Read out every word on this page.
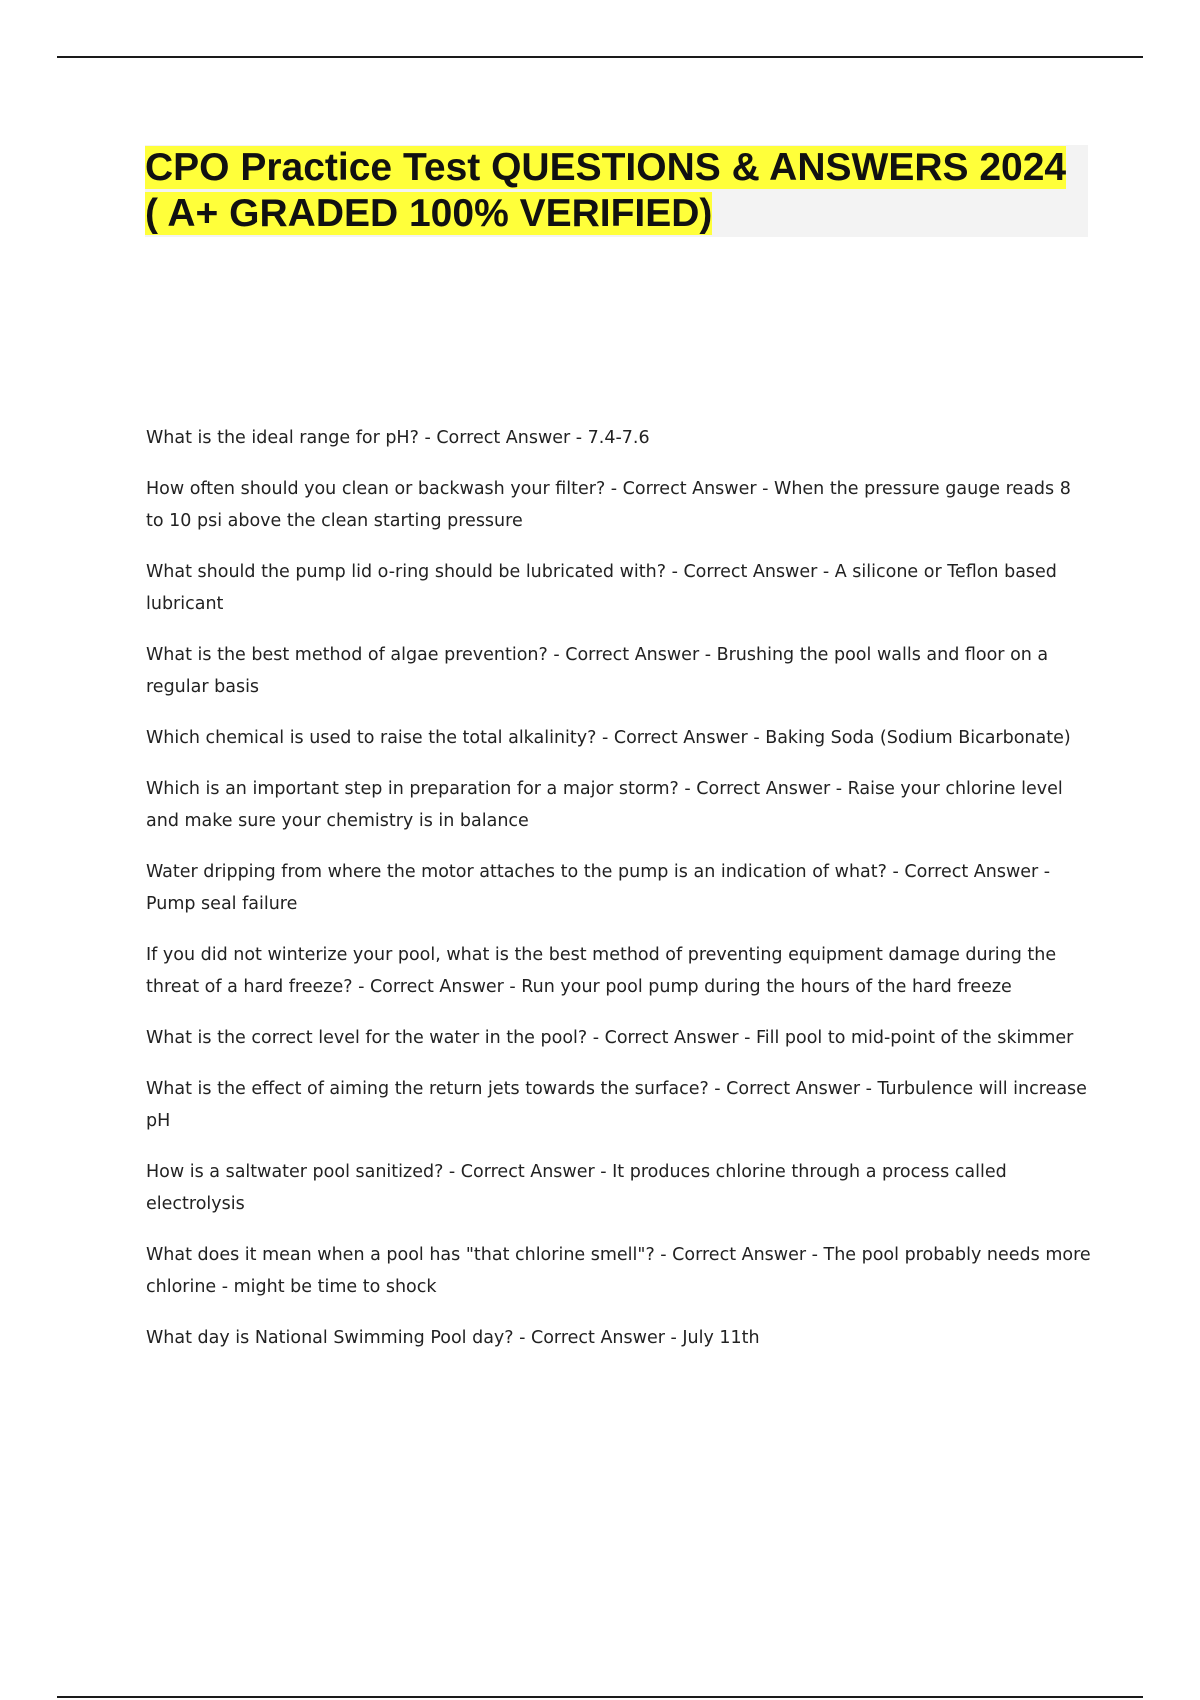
CPO Practice Test QUESTIONS & ANSWERS 2024 ( A+ GRADED 100% VERIFIED)
What is the ideal range for pH? - Correct Answer - 7.4-7.6
How often should you clean or backwash your filter? - Correct Answer - When the pressure gauge reads 8 to 10 psi above the clean starting pressure
What should the pump lid o-ring should be lubricated with? - Correct Answer - A silicone or Teflon based lubricant
What is the best method of algae prevention? - Correct Answer - Brushing the pool walls and floor on a regular basis
Which chemical is used to raise the total alkalinity? - Correct Answer - Baking Soda (Sodium Bicarbonate)
Which is an important step in preparation for a major storm? - Correct Answer - Raise your chlorine level and make sure your chemistry is in balance
Water dripping from where the motor attaches to the pump is an indication of what? - Correct Answer - Pump seal failure
If you did not winterize your pool, what is the best method of preventing equipment damage during the threat of a hard freeze? - Correct Answer - Run your pool pump during the hours of the hard freeze
What is the correct level for the water in the pool? - Correct Answer - Fill pool to mid-point of the skimmer
What is the effect of aiming the return jets towards the surface? - Correct Answer - Turbulence will increase pH
How is a saltwater pool sanitized? - Correct Answer - It produces chlorine through a process called electrolysis
What does it mean when a pool has "that chlorine smell"? - Correct Answer - The pool probably needs more chlorine - might be time to shock
What day is National Swimming Pool day? - Correct Answer - July 11th
